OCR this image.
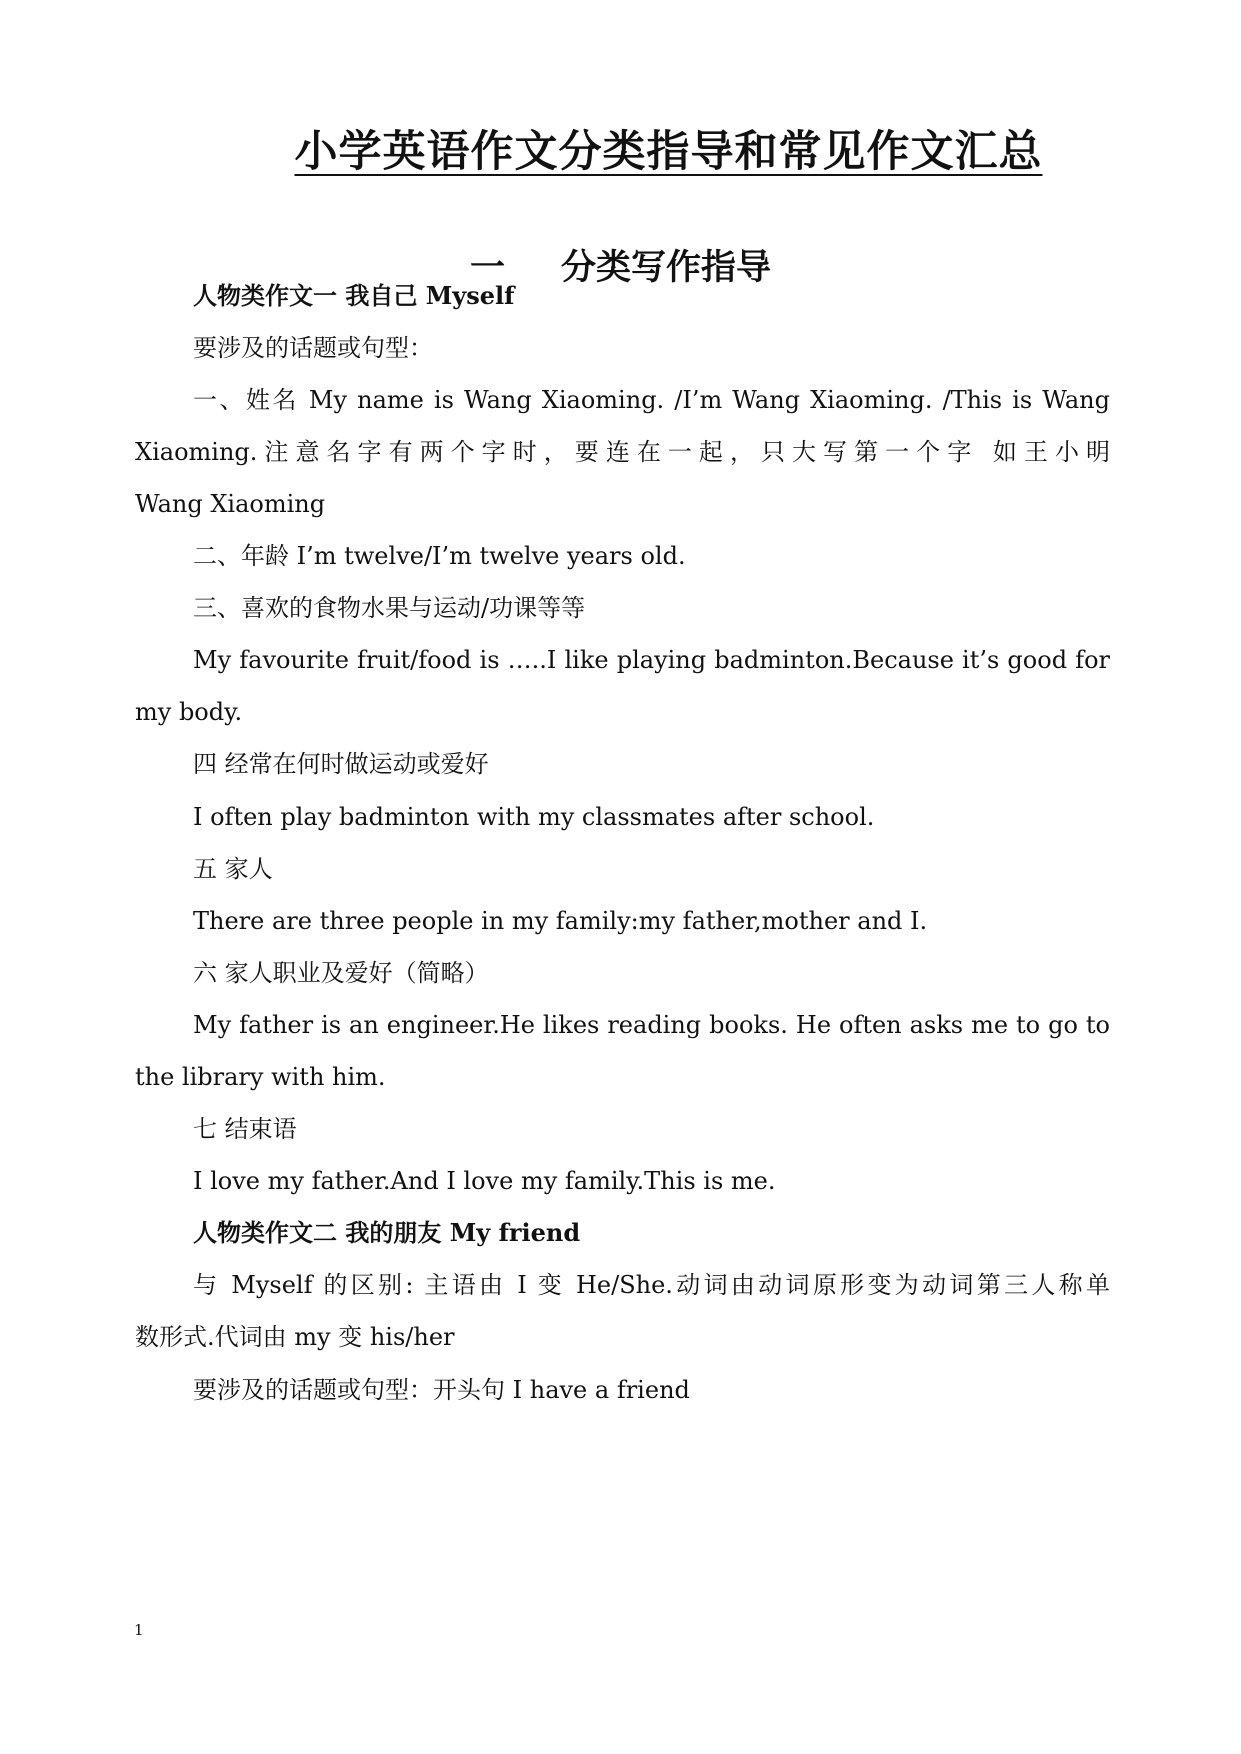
小学英语作文分类指导和常见作文汇总
一 分类写作指导
人物类作文一 我自己 Myself
要涉及的话题或句型：
一、姓名 My name is Wang Xiaoming. /I’m Wang Xiaoming. /This is Wang
Xiaoming.注意名字有两个字时，要连在一起，只大写第一个字 如王小明
Wang Xiaoming
二、年龄 I’m twelve/I’m twelve years old.
三、喜欢的食物水果与运动/功课等等
My favourite fruit/food is …..I like playing badminton.Because it’s good for
my body.
四 经常在何时做运动或爱好
I often play badminton with my classmates after school.
五 家人
There are three people in my family:my father,mother and I.
六 家人职业及爱好（简略）
My father is an engineer.He likes reading books. He often asks me to go to
the library with him.
七 结束语
I love my father.And I love my family.This is me.
人物类作文二 我的朋友 My friend
与 Myself 的区别: 主语由 I 变 He/She.动词由动词原形变为动词第三人称单
数形式.代词由 my 变 his/her
要涉及的话题或句型：开头句 I have a friend
1
